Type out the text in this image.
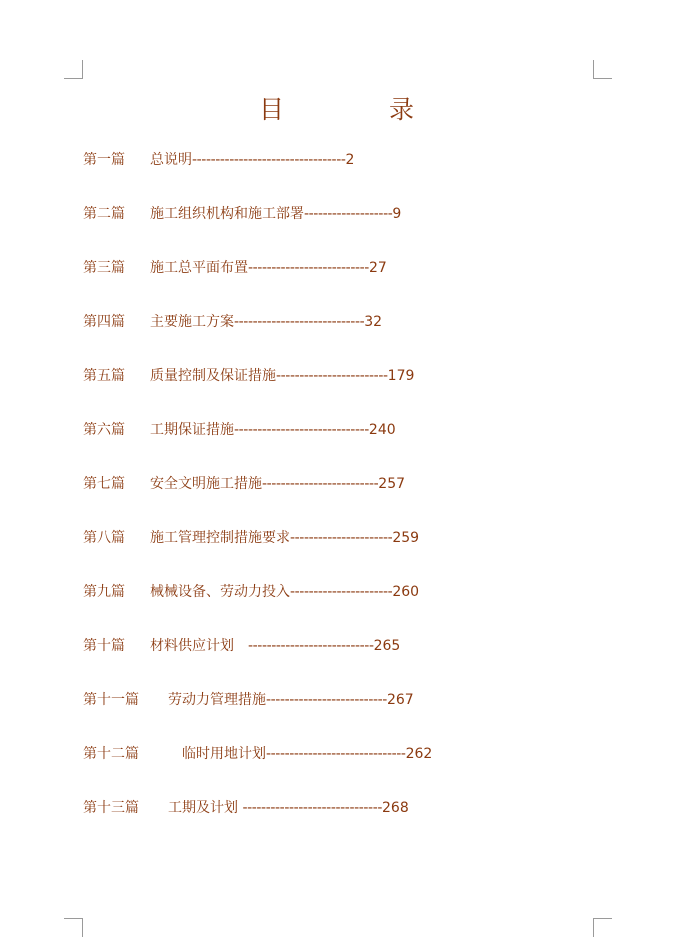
目　录
第一篇 总说明---------------------------------2
第二篇 施工组织机构和施工部署-------------------9
第三篇 施工总平面布置--------------------------27
第四篇 主要施工方案----------------------------32
第五篇 质量控制及保证措施------------------------179
第六篇 工期保证措施-----------------------------240
第七篇 安全文明施工措施-------------------------257
第八篇 施工管理控制措施要求----------------------259
第九篇 械械设备、劳动力投入----------------------260
第十篇 材料供应计划　---------------------------265
第十一篇 劳动力管理措施--------------------------267
第十二篇　临时用地计划------------------------------262
第十三篇 工期及计划 ------------------------------268
